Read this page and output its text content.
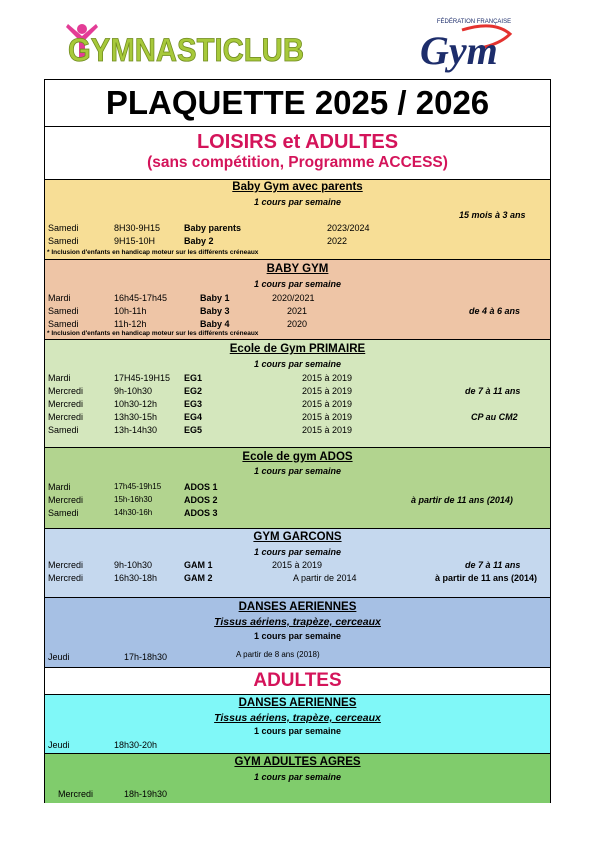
GYMNASTICLUB
FÉDÉRATION FRANÇAISE
Gym
PLAQUETTE 2025 / 2026
LOISIRS et ADULTES
(sans compétition, Programme ACCESS)
Baby Gym avec parents
1 cours par semaine
15 mois à 3 ans
Samedi	8H30-9H15	Baby parents	2023/2024
Samedi	9H15-10H	Baby 2	2022
* Inclusion d'enfants en handicap moteur sur les différents créneaux
BABY GYM
1 cours par semaine
Mardi	16h45-17h45	Baby 1	2020/2021
Samedi	10h-11h	Baby 3	2021	de 4 à 6 ans
Samedi	11h-12h	Baby 4	2020
* Inclusion d'enfants en handicap moteur sur les différents créneaux
Ecole de Gym PRIMAIRE
1 cours par semaine
Mardi	17H45-19H15 EG1	2015 à 2019
Mercredi	9h-10h30	EG2	2015 à 2019	de 7 à 11 ans
Mercredi	10h30-12h	EG3	2015 à 2019
Mercredi	13h30-15h	EG4	2015 à 2019	CP au CM2
Samedi	13h-14h30	EG5	2015 à 2019
Ecole de gym ADOS
1 cours par semaine
Mardi	17h45-19h15	ADOS 1
Mercredi	15h-16h30	ADOS 2	à partir de 11 ans (2014)
Samedi	14h30-16h	ADOS 3
GYM GARCONS
1 cours par semaine
Mercredi	9h-10h30	GAM 1	2015 à 2019	de 7 à 11 ans
Mercredi	16h30-18h	GAM 2	A partir de 2014	à partir de 11 ans (2014)
DANSES AERIENNES
Tissus aériens, trapèze, cerceaux
1 cours par semaine
Jeudi	17h-18h30	A partir de 8 ans (2018)
ADULTES
DANSES AERIENNES
Tissus aériens, trapèze, cerceaux
1 cours par semaine
Jeudi	18h30-20h
GYM ADULTES AGRES
1 cours par semaine
Mercredi	18h-19h30
